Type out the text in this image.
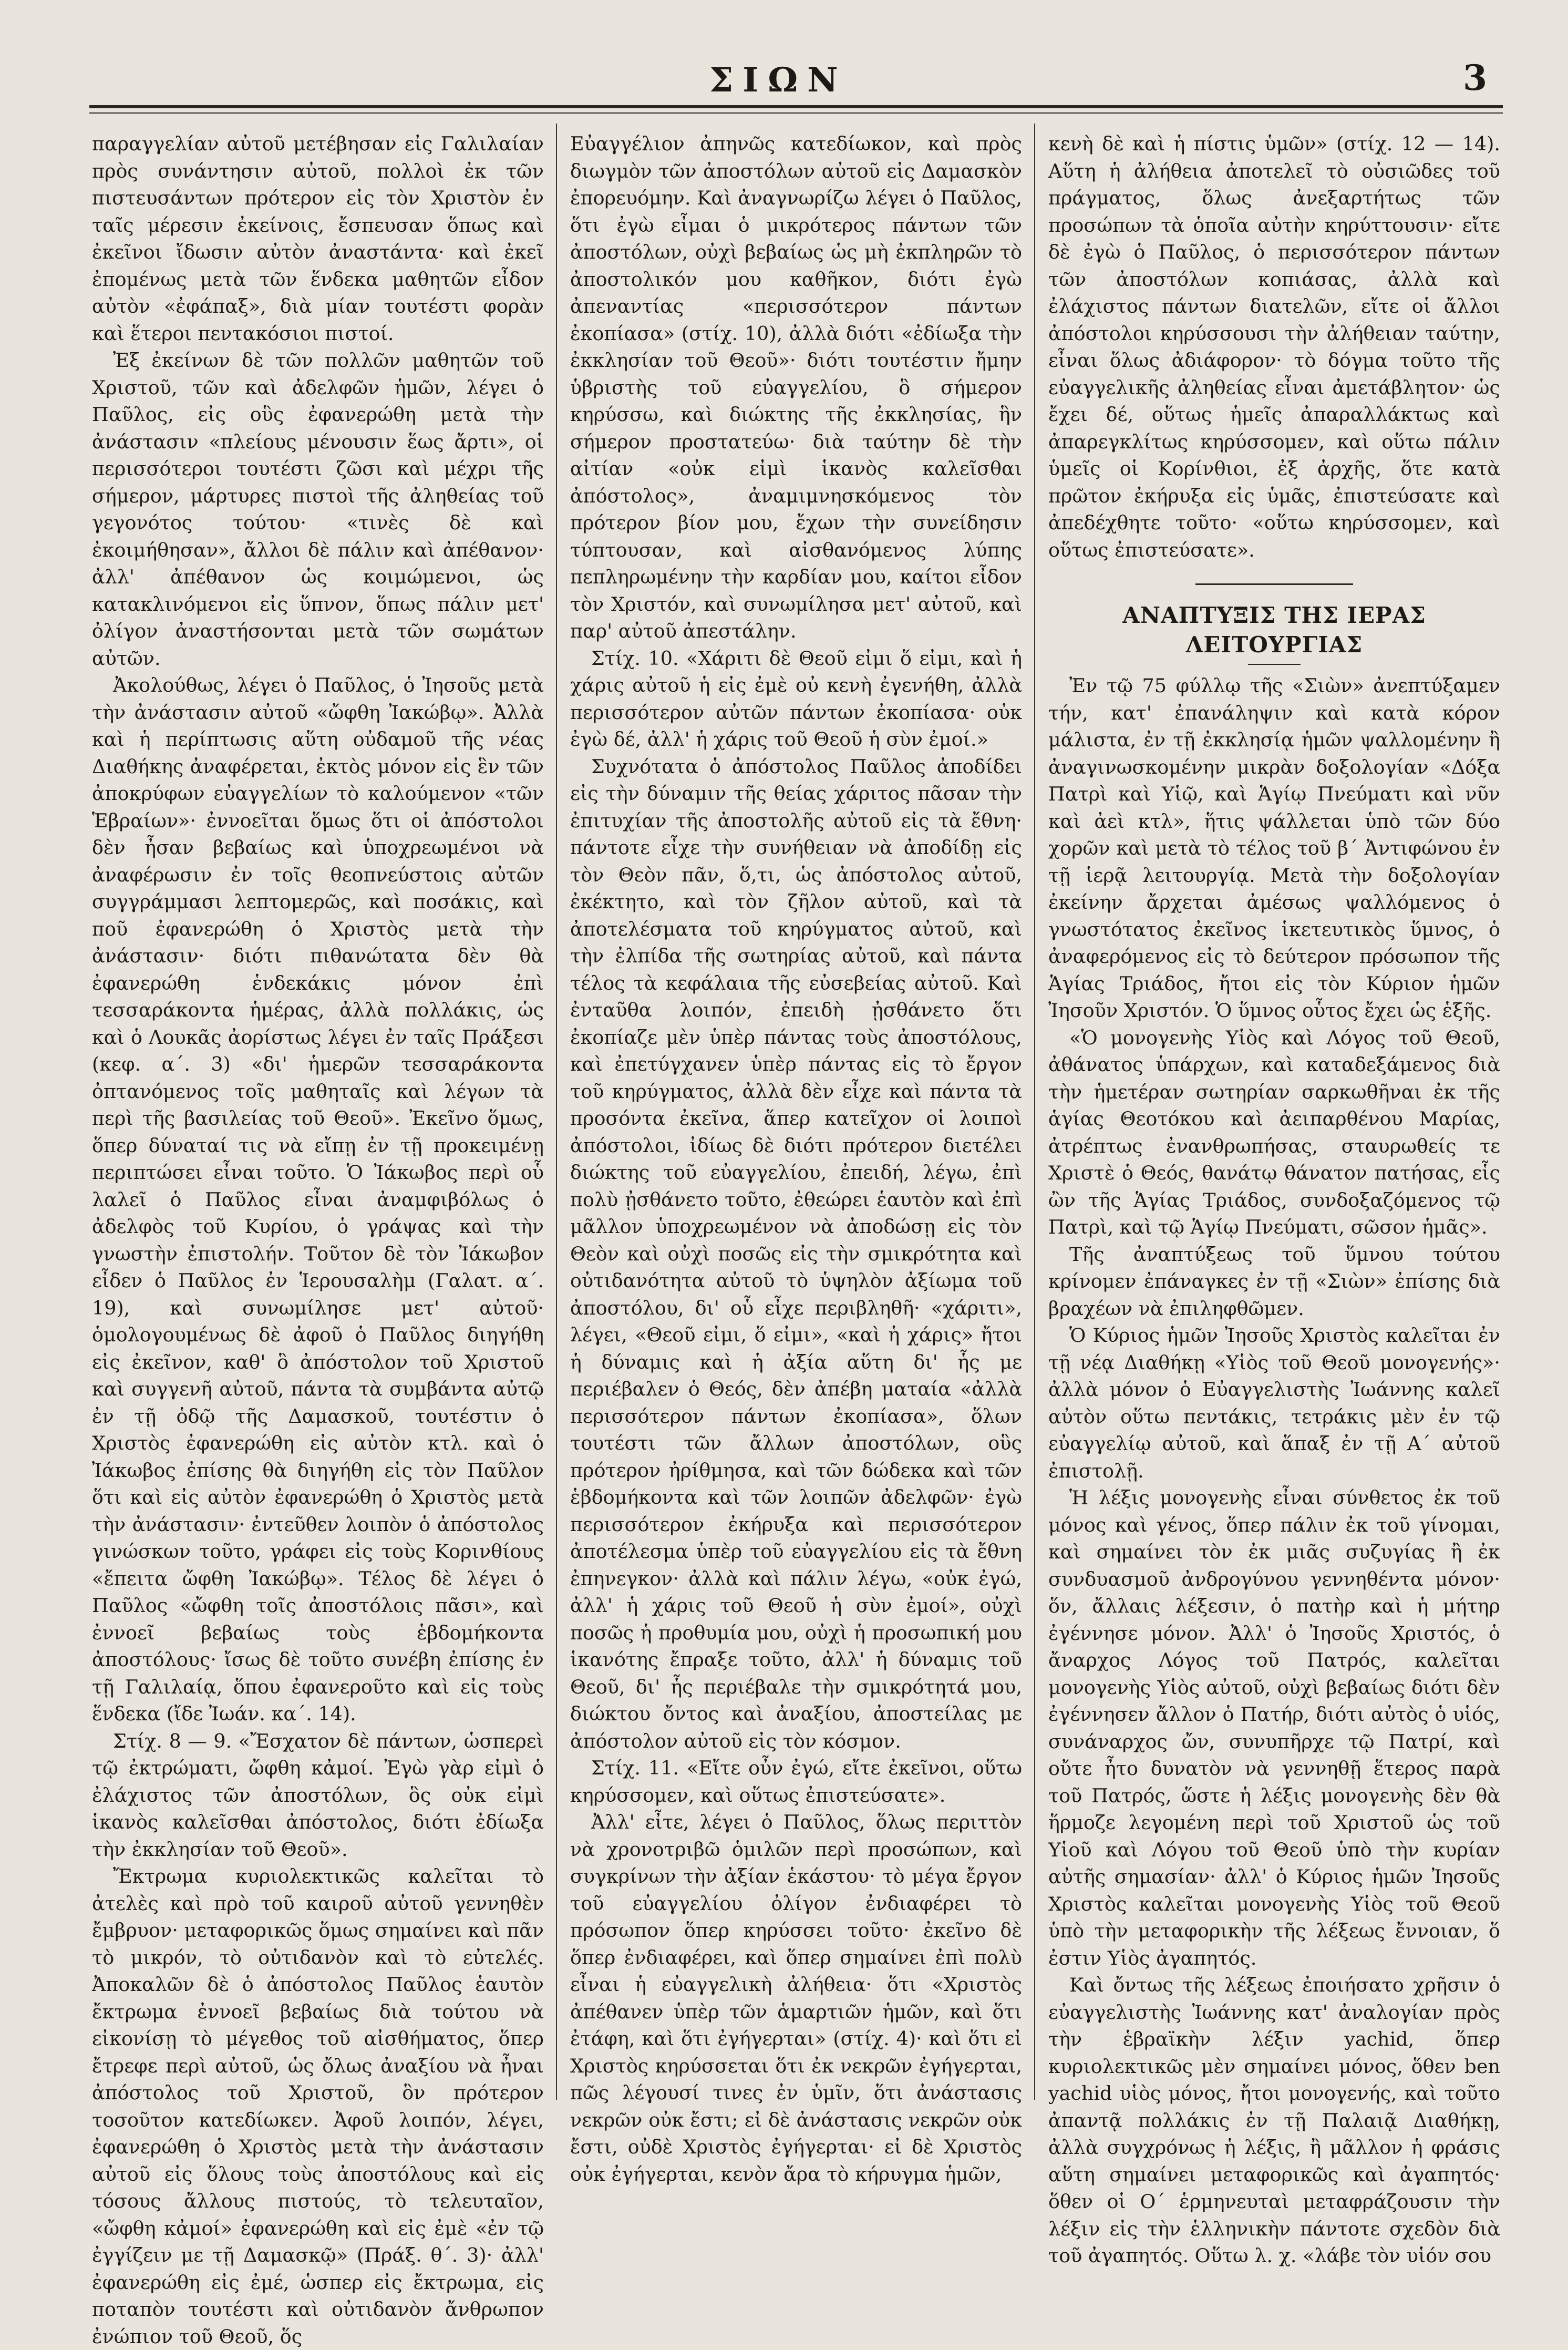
ΣΙΩΝ	3

παραγγελίαν αὐτοῦ μετέβησαν εἰς Γαλιλαίαν πρὸς συνάντησιν αὐτοῦ, πολλοὶ ἐκ τῶν πιστευσάντων πρότερον εἰς τὸν Χριστὸν ἐν ταῖς μέρεσιν ἐκείνοις, ἔσπευσαν ὅπως καὶ ἐκεῖνοι ἴδωσιν αὐτὸν ἀναστάντα· καὶ ἐκεῖ ἐπομένως μετὰ τῶν ἕνδεκα μαθητῶν εἶδον αὐτὸν «ἐφάπαξ», διὰ μίαν τουτέστι φορὰν καὶ ἕτεροι πεντακόσιοι πιστοί.

Ἐξ ἐκείνων δὲ τῶν πολλῶν μαθητῶν τοῦ Χριστοῦ, τῶν καὶ ἀδελφῶν ἡμῶν, λέγει ὁ Παῦλος, εἰς οὓς ἐφανερώθη μετὰ τὴν ἀνάστασιν «πλείους μένουσιν ἕως ἄρτι», οἱ περισσότεροι τουτέστι ζῶσι καὶ μέχρι τῆς σήμερον, μάρτυρες πιστοὶ τῆς ἀληθείας τοῦ γεγονότος τούτου· «τινὲς δὲ καὶ ἐκοιμήθησαν», ἄλλοι δὲ πάλιν καὶ ἀπέθανον· ἀλλ' ἀπέθανον ὡς κοιμώμενοι, ὡς κατακλινόμενοι εἰς ὕπνον, ὅπως πάλιν μετ' ὀλίγον ἀναστήσονται μετὰ τῶν σωμάτων αὐτῶν.

Ἀκολούθως, λέγει ὁ Παῦλος, ὁ Ἰησοῦς μετὰ τὴν ἀνάστασιν αὐτοῦ «ὤφθη Ἰακώβῳ». Ἀλλὰ καὶ ἡ περίπτωσις αὕτη οὐδαμοῦ τῆς νέας Διαθήκης ἀναφέρεται, ἐκτὸς μόνον εἰς ἓν τῶν ἀποκρύφων εὐαγγελίων τὸ καλούμενον «τῶν Ἑβραίων»· ἐννοεῖται ὅμως ὅτι οἱ ἀπόστολοι δὲν ἦσαν βεβαίως καὶ ὑποχρεωμένοι νὰ ἀναφέρωσιν ἐν τοῖς θεοπνεύστοις αὐτῶν συγγράμμασι λεπτομερῶς, καὶ ποσάκις, καὶ ποῦ ἐφανερώθη ὁ Χριστὸς μετὰ τὴν ἀνάστασιν· διότι πιθανώτατα δὲν θὰ ἐφανερώθη ἑνδεκάκις μόνον ἐπὶ τεσσαράκοντα ἡμέρας, ἀλλὰ πολλάκις, ὡς καὶ ὁ Λουκᾶς ἀορίστως λέγει ἐν ταῖς Πράξεσι (κεφ. α΄. 3) «δι' ἡμερῶν τεσσαράκοντα ὀπτανόμενος τοῖς μαθηταῖς καὶ λέγων τὰ περὶ τῆς βασιλείας τοῦ Θεοῦ». Ἐκεῖνο ὅμως, ὅπερ δύναταί τις νὰ εἴπῃ ἐν τῇ προκειμένῃ περιπτώσει εἶναι τοῦτο. Ὁ Ἰάκωβος περὶ οὗ λαλεῖ ὁ Παῦλος εἶναι ἀναμφιβόλως ὁ ἀδελφὸς τοῦ Κυρίου, ὁ γράψας καὶ τὴν γνωστὴν ἐπιστολήν. Τοῦτον δὲ τὸν Ἰάκωβον εἶδεν ὁ Παῦλος ἐν Ἱερουσαλὴμ (Γαλατ. α΄. 19), καὶ συνωμίλησε μετ' αὐτοῦ· ὁμολογουμένως δὲ ἀφοῦ ὁ Παῦλος διηγήθη εἰς ἐκεῖνον, καθ' ὃ ἀπόστολον τοῦ Χριστοῦ καὶ συγγενῆ αὐτοῦ, πάντα τὰ συμβάντα αὐτῷ ἐν τῇ ὁδῷ τῆς Δαμασκοῦ, τουτέστιν ὁ Χριστὸς ἐφανερώθη εἰς αὐτὸν κτλ. καὶ ὁ Ἰάκωβος ἐπίσης θὰ διηγήθη εἰς τὸν Παῦλον ὅτι καὶ εἰς αὐτὸν ἐφανερώθη ὁ Χριστὸς μετὰ τὴν ἀνάστασιν· ἐντεῦθεν λοιπὸν ὁ ἀπόστολος γινώσκων τοῦτο, γράφει εἰς τοὺς Κορινθίους «ἔπειτα ὤφθη Ἰακώβῳ». Τέλος δὲ λέγει ὁ Παῦλος «ὤφθη τοῖς ἀποστόλοις πᾶσι», καὶ ἐννοεῖ βεβαίως τοὺς ἑβδομήκοντα ἀποστόλους· ἴσως δὲ τοῦτο συνέβη ἐπίσης ἐν τῇ Γαλιλαίᾳ, ὅπου ἐφανεροῦτο καὶ εἰς τοὺς ἕνδεκα (ἴδε Ἰωάν. κα΄. 14).

Στίχ. 8 — 9. «Ἔσχατον δὲ πάντων, ὡσπερεὶ τῷ ἐκτρώματι, ὤφθη κἀμοί. Ἐγὼ γὰρ εἰμὶ ὁ ἐλάχιστος τῶν ἀποστόλων, ὃς οὐκ εἰμὶ ἱκανὸς καλεῖσθαι ἀπόστολος, διότι ἐδίωξα τὴν ἐκκλησίαν τοῦ Θεοῦ».

Ἔκτρωμα κυριολεκτικῶς καλεῖται τὸ ἀτελὲς καὶ πρὸ τοῦ καιροῦ αὐτοῦ γεννηθὲν ἔμβρυον· μεταφορικῶς ὅμως σημαίνει καὶ πᾶν τὸ μικρόν, τὸ οὐτιδανὸν καὶ τὸ εὐτελές. Ἀποκαλῶν δὲ ὁ ἀπόστολος Παῦλος ἑαυτὸν ἔκτρωμα ἐννοεῖ βεβαίως διὰ τούτου νὰ εἰκονίσῃ τὸ μέγεθος τοῦ αἰσθήματος, ὅπερ ἔτρεφε περὶ αὐτοῦ, ὡς ὄλως ἀναξίου νὰ ἦναι ἀπόστολος τοῦ Χριστοῦ, ὃν πρότερον τοσοῦτον κατεδίωκεν. Ἀφοῦ λοιπόν, λέγει, ἐφανερώθη ὁ Χριστὸς μετὰ τὴν ἀνάστασιν αὐτοῦ εἰς ὅλους τοὺς ἀποστόλους καὶ εἰς τόσους ἄλλους πιστούς, τὸ τελευταῖον, «ὤφθη κἀμοί» ἐφανερώθη καὶ εἰς ἐμὲ «ἐν τῷ ἐγγίζειν με τῇ Δαμασκῷ» (Πράξ. θ΄. 3)· ἀλλ' ἐφανερώθη εἰς ἐμέ, ὡσπερ εἰς ἔκτρωμα, εἰς ποταπὸν τουτέστι καὶ οὐτιδανὸν ἄνθρωπον ἐνώπιον τοῦ Θεοῦ, ὅς

Εὐαγγέλιον ἀπηνῶς κατεδίωκον, καὶ πρὸς διωγμὸν τῶν ἀποστόλων αὐτοῦ εἰς Δαμασκὸν ἐπορευόμην. Καὶ ἀναγνωρίζω λέγει ὁ Παῦλος, ὅτι ἐγὼ εἶμαι ὁ μικρότερος πάντων τῶν ἀποστόλων, οὐχὶ βεβαίως ὡς μὴ ἐκπληρῶν τὸ ἀποστολικόν μου καθῆκον, διότι ἐγὼ ἀπεναντίας «περισσότερον πάντων ἐκοπίασα» (στίχ. 10), ἀλλὰ διότι «ἐδίωξα τὴν ἐκκλησίαν τοῦ Θεοῦ»· διότι τουτέστιν ἤμην ὑβριστὴς τοῦ εὐαγγελίου, ὃ σήμερον κηρύσσω, καὶ διώκτης τῆς ἐκκλησίας, ἣν σήμερον προστατεύω· διὰ ταύτην δὲ τὴν αἰτίαν «οὐκ εἰμὶ ἱκανὸς καλεῖσθαι ἀπόστολος», ἀναμιμνησκόμενος τὸν πρότερον βίον μου, ἔχων τὴν συνείδησιν τύπτουσαν, καὶ αἰσθανόμενος λύπης πεπληρωμένην τὴν καρδίαν μου, καίτοι εἶδον τὸν Χριστόν, καὶ συνωμίλησα μετ' αὐτοῦ, καὶ παρ' αὐτοῦ ἀπεστάλην.

Στίχ. 10. «Χάριτι δὲ Θεοῦ εἰμι ὅ εἰμι, καὶ ἡ χάρις αὐτοῦ ἡ εἰς ἐμὲ οὐ κενὴ ἐγενήθη, ἀλλὰ περισσότερον αὐτῶν πάντων ἐκοπίασα· οὐκ ἐγὼ δέ, ἀλλ' ἡ χάρις τοῦ Θεοῦ ἡ σὺν ἐμοί.»

Συχνότατα ὁ ἀπόστολος Παῦλος ἀποδίδει εἰς τὴν δύναμιν τῆς θείας χάριτος πᾶσαν τὴν ἐπιτυχίαν τῆς ἀποστολῆς αὐτοῦ εἰς τὰ ἔθνη· πάντοτε εἶχε τὴν συνήθειαν νὰ ἀποδίδῃ εἰς τὸν Θεὸν πᾶν, ὅ,τι, ὡς ἀπόστολος αὐτοῦ, ἐκέκτητο, καὶ τὸν ζῆλον αὐτοῦ, καὶ τὰ ἀποτελέσματα τοῦ κηρύγματος αὐτοῦ, καὶ τὴν ἐλπίδα τῆς σωτηρίας αὐτοῦ, καὶ πάντα τέλος τὰ κεφάλαια τῆς εὐσεβείας αὐτοῦ. Καὶ ἐνταῦθα λοιπόν, ἐπειδὴ ᾐσθάνετο ὅτι ἐκοπίαζε μὲν ὑπὲρ πάντας τοὺς ἀποστόλους, καὶ ἐπετύγχανεν ὑπὲρ πάντας εἰς τὸ ἔργον τοῦ κηρύγματος, ἀλλὰ δὲν εἶχε καὶ πάντα τὰ προσόντα ἐκεῖνα, ἅπερ κατεῖχον οἱ λοιποὶ ἀπόστολοι, ἰδίως δὲ διότι πρότερον διετέλει διώκτης τοῦ εὐαγγελίου, ἐπειδή, λέγω, ἐπὶ πολὺ ᾐσθάνετο τοῦτο, ἐθεώρει ἑαυτὸν καὶ ἐπὶ μᾶλλον ὑποχρεωμένον νὰ ἀποδώσῃ εἰς τὸν Θεὸν καὶ οὐχὶ ποσῶς εἰς τὴν σμικρότητα καὶ οὐτιδανότητα αὐτοῦ τὸ ὑψηλὸν ἀξίωμα τοῦ ἀποστόλου, δι' οὗ εἶχε περιβληθῆ· «χάριτι», λέγει, «Θεοῦ εἰμι, ὅ εἰμι», «καὶ ἡ χάρις» ἤτοι ἡ δύναμις καὶ ἡ ἀξία αὕτη δι' ἧς με περιέβαλεν ὁ Θεός, δὲν ἀπέβη ματαία «ἀλλὰ περισσότερον πάντων ἐκοπίασα», ὅλων τουτέστι τῶν ἄλλων ἀποστόλων, οὓς πρότερον ἠρίθμησα, καὶ τῶν δώδεκα καὶ τῶν ἑβδομήκοντα καὶ τῶν λοιπῶν ἀδελφῶν· ἐγὼ περισσότερον ἐκήρυξα καὶ περισσότερον ἀποτέλεσμα ὑπὲρ τοῦ εὐαγγελίου εἰς τὰ ἔθνη ἐπηνεγκον· ἀλλὰ καὶ πάλιν λέγω, «οὐκ ἐγώ, ἀλλ' ἡ χάρις τοῦ Θεοῦ ἡ σὺν ἐμοί», οὐχὶ ποσῶς ἡ προθυμία μου, οὐχὶ ἡ προσωπική μου ἱκανότης ἔπραξε τοῦτο, ἀλλ' ἡ δύναμις τοῦ Θεοῦ, δι' ἧς περιέβαλε τὴν σμικρότητά μου, διώκτου ὄντος καὶ ἀναξίου, ἀποστείλας με ἀπόστολον αὐτοῦ εἰς τὸν κόσμον.

Στίχ. 11. «Εἴτε οὖν ἐγώ, εἴτε ἐκεῖνοι, οὕτω κηρύσσομεν, καὶ οὕτως ἐπιστεύσατε».

Ἀλλ' εἶτε, λέγει ὁ Παῦλος, ὅλως περιττὸν νὰ χρονοτριβῶ ὁμιλῶν περὶ προσώπων, καὶ συγκρίνων τὴν ἀξίαν ἑκάστου· τὸ μέγα ἔργον τοῦ εὐαγγελίου ὀλίγον ἐνδιαφέρει τὸ πρόσωπον ὅπερ κηρύσσει τοῦτο· ἐκεῖνο δὲ ὅπερ ἐνδιαφέρει, καὶ ὅπερ σημαίνει ἐπὶ πολὺ εἶναι ἡ εὐαγγελικὴ ἀλήθεια· ὅτι «Χριστὸς ἀπέθανεν ὑπὲρ τῶν ἁμαρτιῶν ἡμῶν, καὶ ὅτι ἐτάφη, καὶ ὅτι ἐγήγερται» (στίχ. 4)· καὶ ὅτι εἰ Χριστὸς κηρύσσεται ὅτι ἐκ νεκρῶν ἐγήγερται, πῶς λέγουσί τινες ἐν ὑμῖν, ὅτι ἀνάστασις νεκρῶν οὐκ ἔστι; εἰ δὲ ἀνάστασις νεκρῶν οὐκ ἔστι, οὐδὲ Χριστὸς ἐγήγερται· εἰ δὲ Χριστὸς οὐκ ἐγήγερται, κενὸν ἄρα τὸ κήρυγμα ἡμῶν,

κενὴ δὲ καὶ ἡ πίστις ὑμῶν» (στίχ. 12 — 14). Αὕτη ἡ ἀλήθεια ἀποτελεῖ τὸ οὐσιῶδες τοῦ πράγματος, ὅλως ἀνεξαρτήτως τῶν προσώπων τὰ ὁποῖα αὐτὴν κηρύττουσιν· εἴτε δὲ ἐγὼ ὁ Παῦλος, ὁ περισσότερον πάντων τῶν ἀποστόλων κοπιάσας, ἀλλὰ καὶ ἐλάχιστος πάντων διατελῶν, εἴτε οἱ ἄλλοι ἀπόστολοι κηρύσσουσι τὴν ἀλήθειαν ταύτην, εἶναι ὅλως ἀδιάφορον· τὸ δόγμα τοῦτο τῆς εὐαγγελικῆς ἀληθείας εἶναι ἀμετάβλητον· ὡς ἔχει δέ, οὕτως ἡμεῖς ἀπαραλλάκτως καὶ ἀπαρεγκλίτως κηρύσσομεν, καὶ οὕτω πάλιν ὑμεῖς οἱ Κορίνθιοι, ἐξ ἀρχῆς, ὅτε κατὰ πρῶτον ἐκήρυξα εἰς ὑμᾶς, ἐπιστεύσατε καὶ ἀπεδέχθητε τοῦτο· «οὕτω κηρύσσομεν, καὶ οὕτως ἐπιστεύσατε».

ΑΝΑΠΤΥΞΙΣ ΤΗΣ ΙΕΡΑΣ ΛΕΙΤΟΥΡΓΙΑΣ

Ἐν τῷ 75 φύλλῳ τῆς «Σιὼν» ἀνεπτύξαμεν τήν, κατ' ἐπανάληψιν καὶ κατὰ κόρον μάλιστα, ἐν τῇ ἐκκλησίᾳ ἡμῶν ψαλλομένην ἢ ἀναγινωσκομένην μικρὰν δοξολογίαν «Δόξα Πατρὶ καὶ Υἱῷ, καὶ Ἁγίῳ Πνεύματι καὶ νῦν καὶ ἀεὶ κτλ», ἥτις ψάλλεται ὑπὸ τῶν δύο χορῶν καὶ μετὰ τὸ τέλος τοῦ β΄ Ἀντιφώνου ἐν τῇ ἱερᾷ λειτουργίᾳ. Μετὰ τὴν δοξολογίαν ἐκείνην ἄρχεται ἀμέσως ψαλλόμενος ὁ γνωστότατος ἐκεῖνος ἱκετευτικὸς ὕμνος, ὁ ἀναφερόμενος εἰς τὸ δεύτερον πρόσωπον τῆς Ἁγίας Τριάδος, ἤτοι εἰς τὸν Κύριον ἡμῶν Ἰησοῦν Χριστόν. Ὁ ὕμνος οὗτος ἔχει ὡς ἑξῆς.

«Ὁ μονογενὴς Υἱὸς καὶ Λόγος τοῦ Θεοῦ, ἀθάνατος ὑπάρχων, καὶ καταδεξάμενος διὰ τὴν ἡμετέραν σωτηρίαν σαρκωθῆναι ἐκ τῆς ἁγίας Θεοτόκου καὶ ἀειπαρθένου Μαρίας, ἀτρέπτως ἐνανθρωπήσας, σταυρωθείς τε Χριστὲ ὁ Θεός, θανάτῳ θάνατον πατήσας, εἷς ὢν τῆς Ἁγίας Τριάδος, συνδοξαζόμενος τῷ Πατρὶ, καὶ τῷ Ἁγίῳ Πνεύματι, σῶσον ἡμᾶς».

Τῆς ἀναπτύξεως τοῦ ὕμνου τούτου κρίνομεν ἐπάναγκες ἐν τῇ «Σιὼν» ἐπίσης διὰ βραχέων νὰ ἐπιληφθῶμεν.

Ὁ Κύριος ἡμῶν Ἰησοῦς Χριστὸς καλεῖται ἐν τῇ νέᾳ Διαθήκῃ «Υἱὸς τοῦ Θεοῦ μονογενής»· ἀλλὰ μόνον ὁ Εὐαγγελιστὴς Ἰωάννης καλεῖ αὐτὸν οὕτω πεντάκις, τετράκις μὲν ἐν τῷ εὐαγγελίῳ αὐτοῦ, καὶ ἅπαξ ἐν τῇ Α΄ αὐτοῦ ἐπιστολῇ.

Ἡ λέξις μονογενὴς εἶναι σύνθετος ἐκ τοῦ μόνος καὶ γένος, ὅπερ πάλιν ἐκ τοῦ γίνομαι, καὶ σημαίνει τὸν ἐκ μιᾶς συζυγίας ἢ ἐκ συνδυασμοῦ ἀνδρογύνου γεννηθέντα μόνον· ὅν, ἄλλαις λέξεσιν, ὁ πατὴρ καὶ ἡ μήτηρ ἐγέννησε μόνον. Ἀλλ' ὁ Ἰησοῦς Χριστός, ὁ ἄναρχος Λόγος τοῦ Πατρός, καλεῖται μονογενὴς Υἱὸς αὐτοῦ, οὐχὶ βεβαίως διότι δὲν ἐγέννησεν ἄλλον ὁ Πατήρ, διότι αὐτὸς ὁ υἱός, συνάναρχος ὤν, συνυπῆρχε τῷ Πατρί, καὶ οὔτε ἦτο δυνατὸν νὰ γεννηθῇ ἕτερος παρὰ τοῦ Πατρός, ὥστε ἡ λέξις μονογενὴς δὲν θὰ ἥρμοζε λεγομένη περὶ τοῦ Χριστοῦ ὡς τοῦ Υἱοῦ καὶ Λόγου τοῦ Θεοῦ ὑπὸ τὴν κυρίαν αὐτῆς σημασίαν· ἀλλ' ὁ Κύριος ἡμῶν Ἰησοῦς Χριστὸς καλεῖται μονογενὴς Υἱὸς τοῦ Θεοῦ ὑπὸ τὴν μεταφορικὴν τῆς λέξεως ἔννοιαν, ὅ ἐστιν Υἱὸς ἀγαπητός.

Καὶ ὄντως τῆς λέξεως ἐποιήσατο χρῆσιν ὁ εὐαγγελιστὴς Ἰωάννης κατ' ἀναλογίαν πρὸς τὴν ἑβραϊκὴν λέξιν yachid, ὅπερ κυριολεκτικῶς μὲν σημαίνει μόνος, ὅθεν ben yachid υἱὸς μόνος, ἤτοι μονογενής, καὶ τοῦτο ἀπαντᾷ πολλάκις ἐν τῇ Παλαιᾷ Διαθήκῃ, ἀλλὰ συγχρόνως ἡ λέξις, ἢ μᾶλλον ἡ φράσις αὕτη σημαίνει μεταφορικῶς καὶ ἀγαπητός· ὅθεν οἱ Ο΄ ἑρμηνευταὶ μεταφράζουσιν τὴν λέξιν εἰς τὴν ἑλληνικὴν πάντοτε σχεδὸν διὰ τοῦ ἀγαπητός. Οὕτω λ. χ. «λάβε τὸν υἱόν σου
